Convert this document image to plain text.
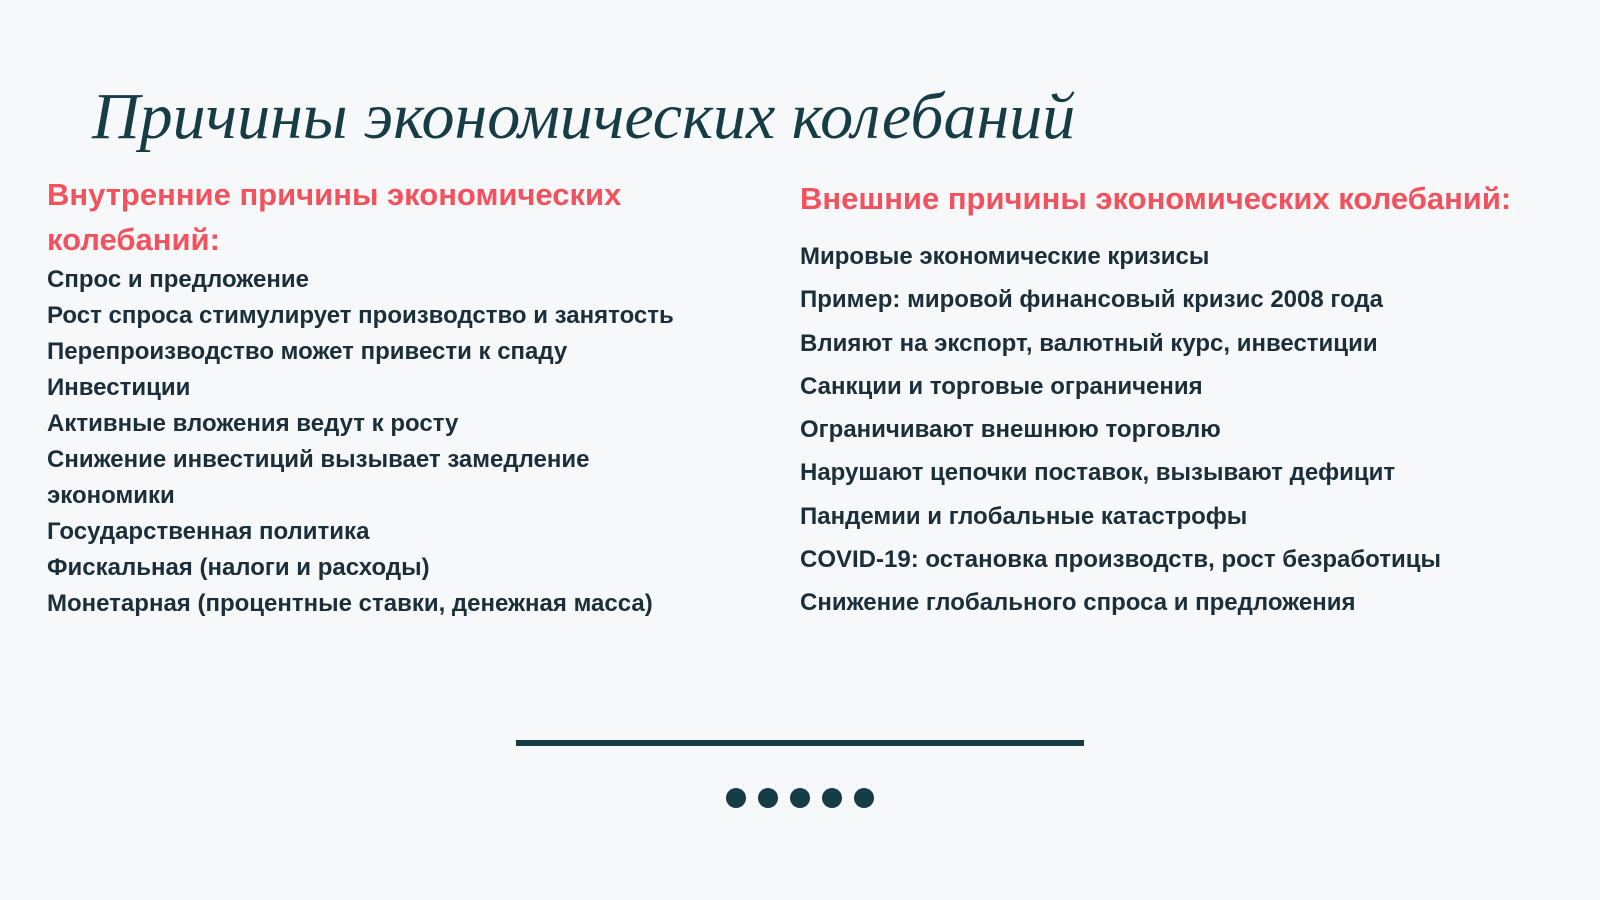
Причины экономических колебаний
Внутренние причины экономических колебаний:
Спрос и предложение
Рост спроса стимулирует производство и занятость
Перепроизводство может привести к спаду
Инвестиции
Активные вложения ведут к росту
Снижение инвестиций вызывает замедление экономики
Государственная политика
Фискальная (налоги и расходы)
Монетарная (процентные ставки, денежная масса)
Внешние причины экономических колебаний:
Мировые экономические кризисы
Пример: мировой финансовый кризис 2008 года
Влияют на экспорт, валютный курс, инвестиции
Санкции и торговые ограничения
Ограничивают внешнюю торговлю
Нарушают цепочки поставок, вызывают дефицит
Пандемии и глобальные катастрофы
COVID-19: остановка производств, рост безработицы
Снижение глобального спроса и предложения
